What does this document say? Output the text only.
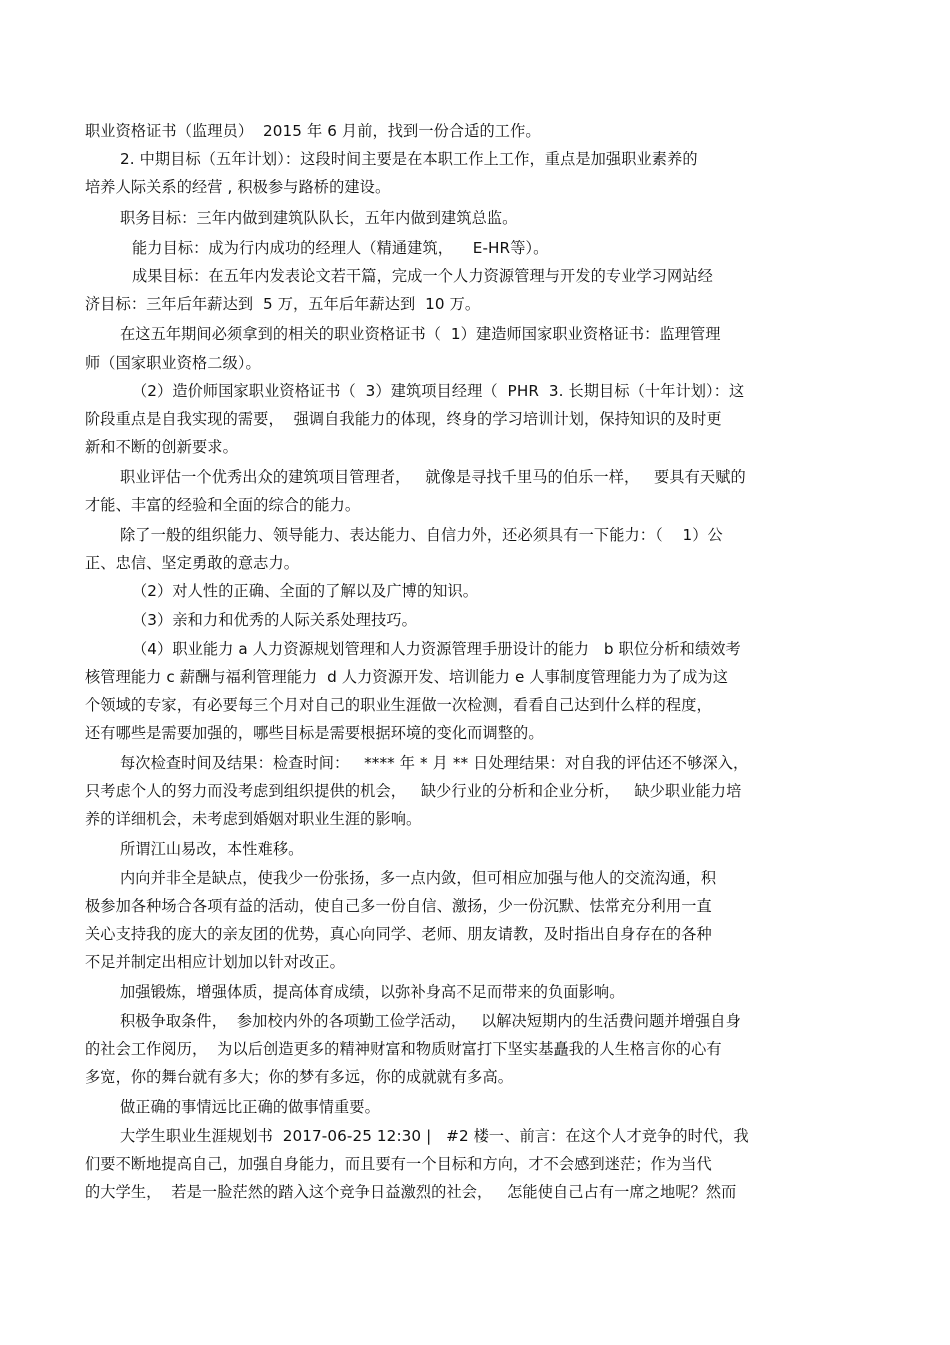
职业资格证书（监理员）  2015 年 6 月前，找到一份合适的工作。
2. 中期目标（五年计划）：这段时间主要是在本职工作上工作，重点是加强职业素养的
培养人际关系的经营 , 积极参与路桥的建设。
职务目标：三年内做到建筑队队长，五年内做到建筑总监。
能力目标：成为行内成功的经理人（精通建筑，    E-HR等）。
成果目标：在五年内发表论文若干篇，完成一个人力资源管理与开发的专业学习网站经
济目标：三年后年薪达到  5 万，五年后年薪达到  10 万。
在这五年期间必须拿到的相关的职业资格证书（  1）建造师国家职业资格证书：监理管理
师（国家职业资格二级）。
（2）造价师国家职业资格证书（  3）建筑项目经理（  PHR  3. 长期目标（十年计划）：这
阶段重点是自我实现的需要，  强调自我能力的体现，终身的学习培训计划，保持知识的及时更
新和不断的创新要求。
职业评估一个优秀出众的建筑项目管理者，   就像是寻找千里马的伯乐一样，   要具有天赋的
才能、丰富的经验和全面的综合的能力。
除了一般的组织能力、领导能力、表达能力、自信力外，还必须具有一下能力：（    1）公
正、忠信、坚定勇敢的意志力。
（2）对人性的正确、全面的了解以及广博的知识。
（3）亲和力和优秀的人际关系处理技巧。
（4）职业能力 a 人力资源规划管理和人力资源管理手册设计的能力   b 职位分析和绩效考
核管理能力 c 薪酬与福利管理能力  d 人力资源开发、培训能力 e 人事制度管理能力为了成为这
个领域的专家，有必要每三个月对自己的职业生涯做一次检测，看看自己达到什么样的程度，
还有哪些是需要加强的，哪些目标是需要根据环境的变化而调整的。
每次检查时间及结果：检查时间：   **** 年 * 月 ** 日处理结果：对自我的评估还不够深入，
只考虑个人的努力而没考虑到组织提供的机会，   缺少行业的分析和企业分析，   缺少职业能力培
养的详细机会，未考虑到婚姻对职业生涯的影响。
所谓江山易改，本性难移。
内向并非全是缺点，使我少一份张扬，多一点内敛，但可相应加强与他人的交流沟通，积
极参加各种场合各项有益的活动，使自己多一份自信、激扬，少一份沉默、怯常充分利用一直
关心支持我的庞大的亲友团的优势，真心向同学、老师、朋友请教，及时指出自身存在的各种
不足并制定出相应计划加以针对改正。
加强锻炼，增强体质，提高体育成绩，以弥补身高不足而带来的负面影响。
积极争取条件，  参加校内外的各项勤工俭学活动，   以解决短期内的生活费问题并增强自身
的社会工作阅历，  为以后创造更多的精神财富和物质财富打下坚实基矗我的人生格言你的心有
多宽，你的舞台就有多大；你的梦有多远，你的成就就有多高。
做正确的事情远比正确的做事情重要。
大学生职业生涯规划书  2017-06-25 12:30 |   #2 楼一、前言：在这个人才竞争的时代，我
们要不断地提高自己，加强自身能力，而且要有一个目标和方向，才不会感到迷茫；作为当代
的大学生，  若是一脸茫然的踏入这个竞争日益激烈的社会，   怎能使自己占有一席之地呢？然而
